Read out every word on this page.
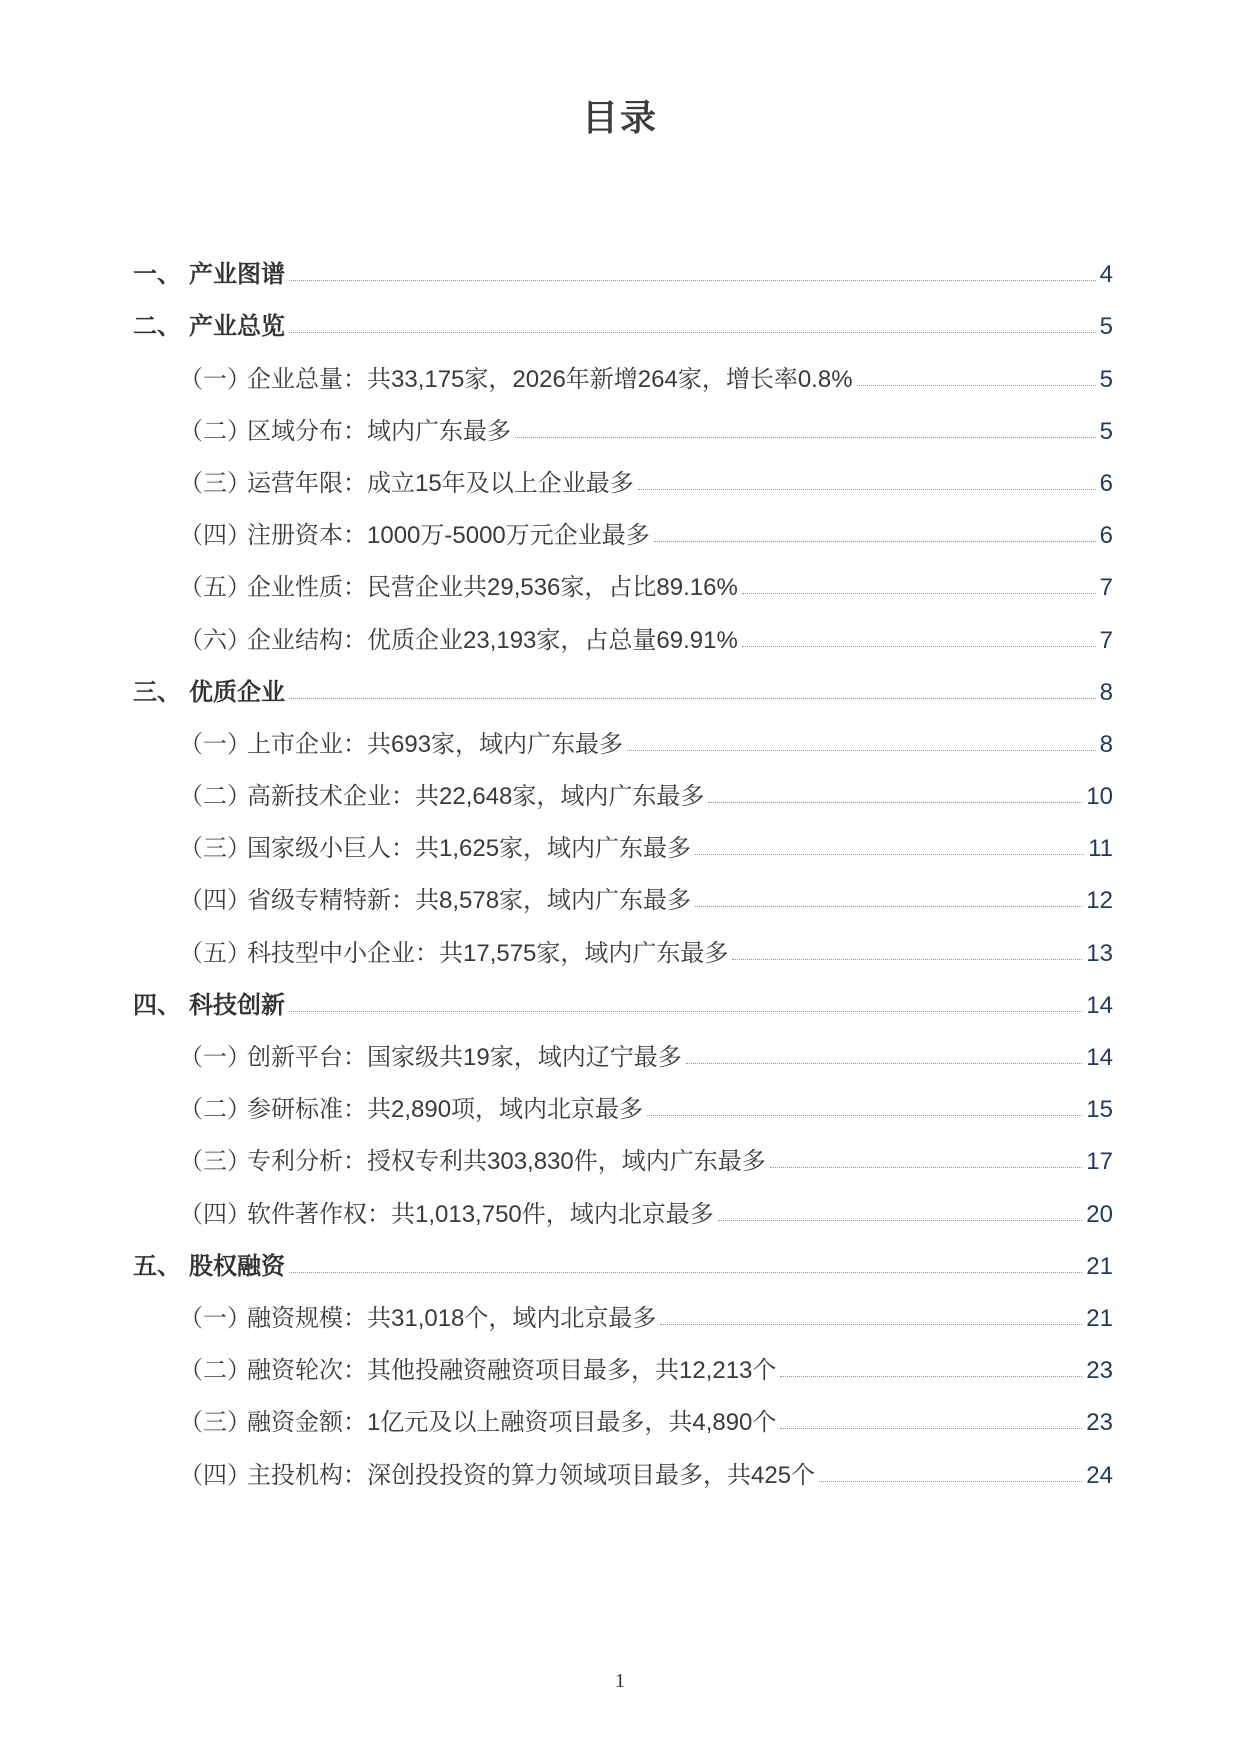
目录
一、 产业图谱	4
二、 产业总览	5
（一）企业总量：共33,175家，2026年新增264家，增长率0.8%	5
（二）区域分布：域内广东最多	5
（三）运营年限：成立15年及以上企业最多	6
（四）注册资本：1000万-5000万元企业最多	6
（五）企业性质：民营企业共29,536家，占比89.16%	7
（六）企业结构：优质企业23,193家，占总量69.91%	7
三、 优质企业	8
（一）上市企业：共693家，域内广东最多	8
（二）高新技术企业：共22,648家，域内广东最多	10
（三）国家级小巨人：共1,625家，域内广东最多	11
（四）省级专精特新：共8,578家，域内广东最多	12
（五）科技型中小企业：共17,575家，域内广东最多	13
四、 科技创新	14
（一）创新平台：国家级共19家，域内辽宁最多	14
（二）参研标准：共2,890项，域内北京最多	15
（三）专利分析：授权专利共303,830件，域内广东最多	17
（四）软件著作权：共1,013,750件，域内北京最多	20
五、 股权融资	21
（一）融资规模：共31,018个，域内北京最多	21
（二）融资轮次：其他投融资融资项目最多，共12,213个	23
（三）融资金额：1亿元及以上融资项目最多，共4,890个	23
（四）主投机构：深创投投资的算力领域项目最多，共425个	24
1
